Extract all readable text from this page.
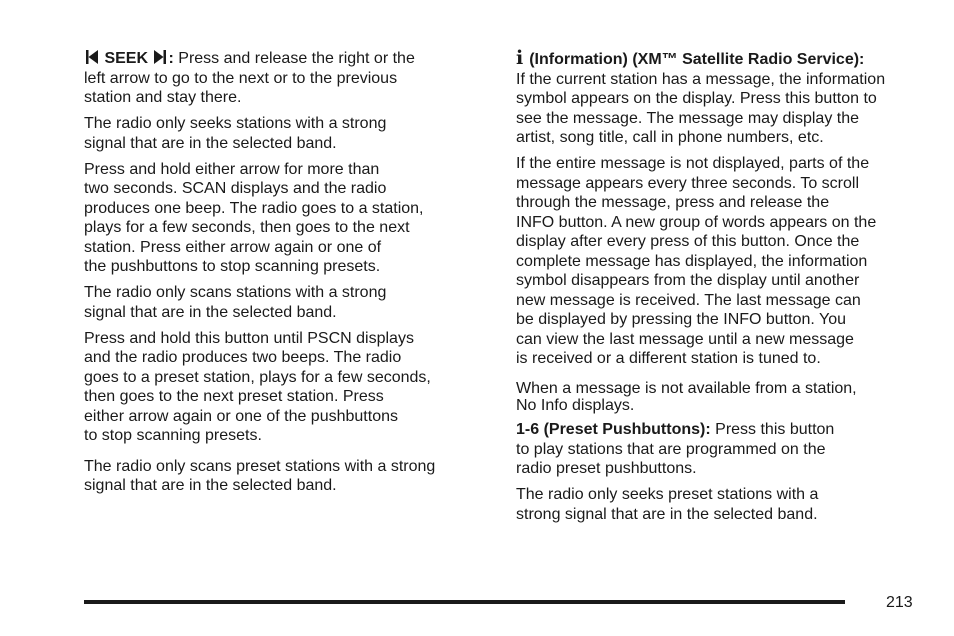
SEEK : Press and release the right or the
left arrow to go to the next or to the previous
station and stay there.

The radio only seeks stations with a strong
signal that are in the selected band.

Press and hold either arrow for more than
two seconds. SCAN displays and the radio
produces one beep. The radio goes to a station,
plays for a few seconds, then goes to the next
station. Press either arrow again or one of
the pushbuttons to stop scanning presets.

The radio only scans stations with a strong
signal that are in the selected band.

Press and hold this button until PSCN displays
and the radio produces two beeps. The radio
goes to a preset station, plays for a few seconds,
then goes to the next preset station. Press
either arrow again or one of the pushbuttons
to stop scanning presets.

The radio only scans preset stations with a strong
signal that are in the selected band.

i (Information) (XM™ Satellite Radio Service):
If the current station has a message, the information
symbol appears on the display. Press this button to
see the message. The message may display the
artist, song title, call in phone numbers, etc.

If the entire message is not displayed, parts of the
message appears every three seconds. To scroll
through the message, press and release the
INFO button. A new group of words appears on the
display after every press of this button. Once the
complete message has displayed, the information
symbol disappears from the display until another
new message is received. The last message can
be displayed by pressing the INFO button. You
can view the last message until a new message
is received or a different station is tuned to.

When a message is not available from a station,
No Info displays.

1-6 (Preset Pushbuttons): Press this button
to play stations that are programmed on the
radio preset pushbuttons.

The radio only seeks preset stations with a
strong signal that are in the selected band.

213
